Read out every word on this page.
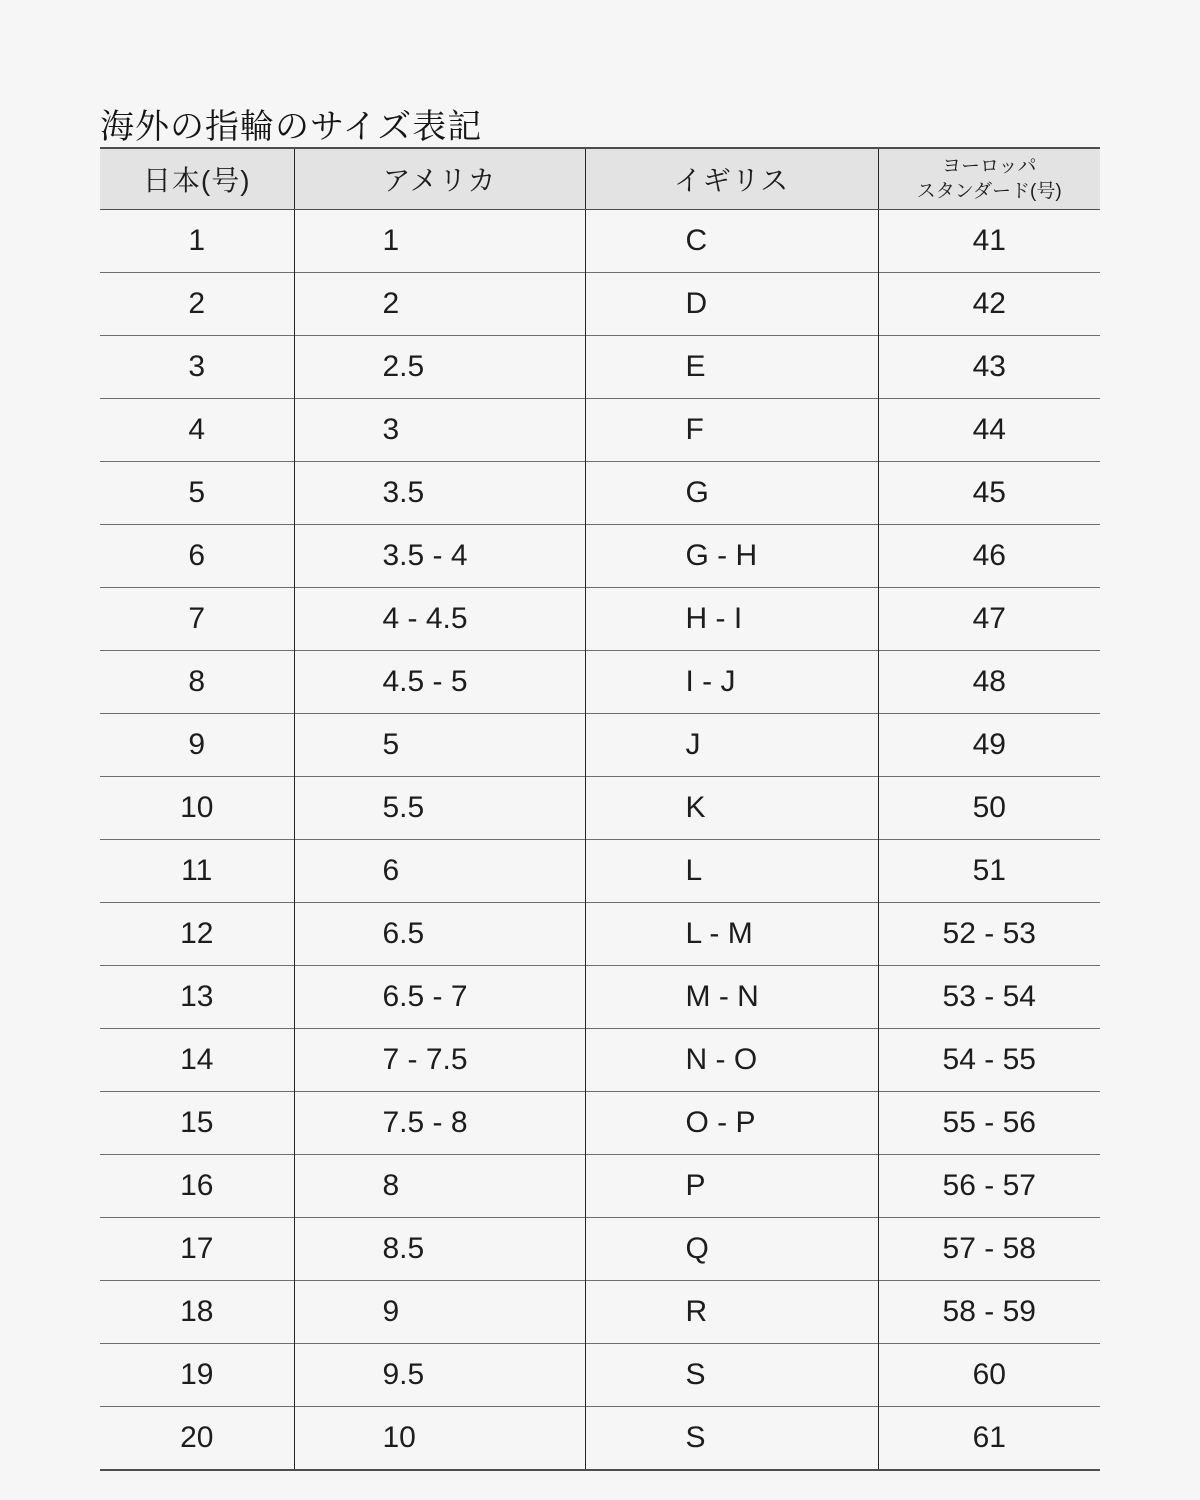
海外の指輪のサイズ表記
日本(号)	アメリカ	イギリス	ヨーロッパ
スタンダード(号)

1	1	C	41
2	2	D	42
3	2.5	E	43
4	3	F	44
5	3.5	G	45
6	3.5 - 4	G - H	46
7	4 - 4.5	H - I	47
8	4.5 - 5	I - J	48
9	5	J	49
10	5.5	K	50
11	6	L	51
12	6.5	L - M	52 - 53
13	6.5 - 7	M - N	53 - 54
14	7 - 7.5	N - O	54 - 55
15	7.5 - 8	O - P	55 - 56
16	8	P	56 - 57
17	8.5	Q	57 - 58
18	9	R	58 - 59
19	9.5	S	60
20	10	S	61
